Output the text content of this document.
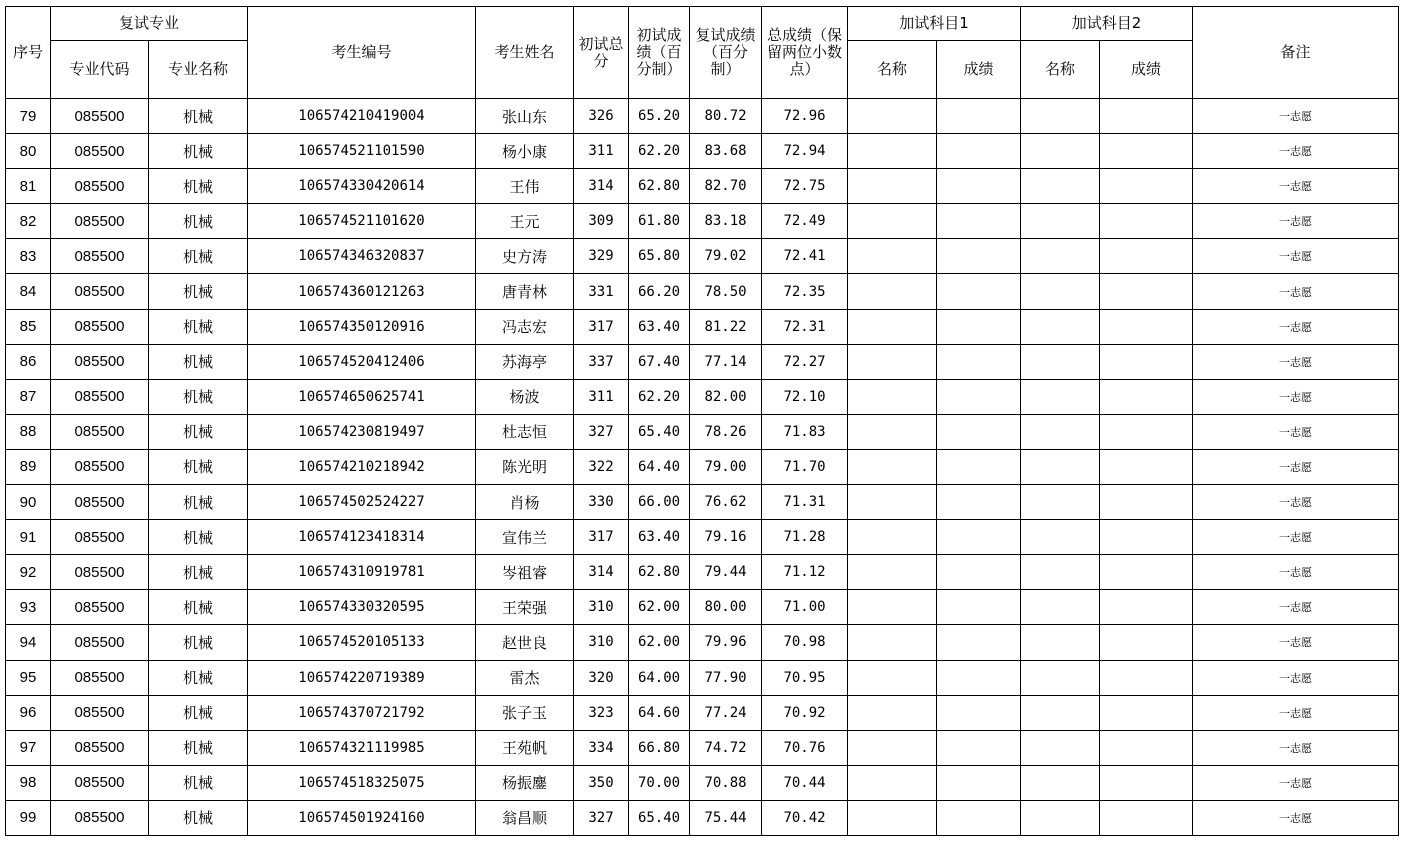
序号	复试专业		考生编号	考生姓名	初试总分	初试成绩（百分制）	复试成绩（百分制）	总成绩（保留两位小数点）	加试科目1		加试科目2		备注
	专业代码	专业名称							名称	成绩	名称	成绩	
79	085500	机械	106574210419004	张山东	326	65.20	80.72	72.96					一志愿
80	085500	机械	106574521101590	杨小康	311	62.20	83.68	72.94					一志愿
81	085500	机械	106574330420614	王伟	314	62.80	82.70	72.75					一志愿
82	085500	机械	106574521101620	王元	309	61.80	83.18	72.49					一志愿
83	085500	机械	106574346320837	史方涛	329	65.80	79.02	72.41					一志愿
84	085500	机械	106574360121263	唐青林	331	66.20	78.50	72.35					一志愿
85	085500	机械	106574350120916	冯志宏	317	63.40	81.22	72.31					一志愿
86	085500	机械	106574520412406	苏海亭	337	67.40	77.14	72.27					一志愿
87	085500	机械	106574650625741	杨波	311	62.20	82.00	72.10					一志愿
88	085500	机械	106574230819497	杜志恒	327	65.40	78.26	71.83					一志愿
89	085500	机械	106574210218942	陈光明	322	64.40	79.00	71.70					一志愿
90	085500	机械	106574502524227	肖杨	330	66.00	76.62	71.31					一志愿
91	085500	机械	106574123418314	宣伟兰	317	63.40	79.16	71.28					一志愿
92	085500	机械	106574310919781	岑祖睿	314	62.80	79.44	71.12					一志愿
93	085500	机械	106574330320595	王荣强	310	62.00	80.00	71.00					一志愿
94	085500	机械	106574520105133	赵世良	310	62.00	79.96	70.98					一志愿
95	085500	机械	106574220719389	雷杰	320	64.00	77.90	70.95					一志愿
96	085500	机械	106574370721792	张子玉	323	64.60	77.24	70.92					一志愿
97	085500	机械	106574321119985	王苑帆	334	66.80	74.72	70.76					一志愿
98	085500	机械	106574518325075	杨振鏖	350	70.00	70.88	70.44					一志愿
99	085500	机械	106574501924160	翁昌顺	327	65.40	75.44	70.42					一志愿
